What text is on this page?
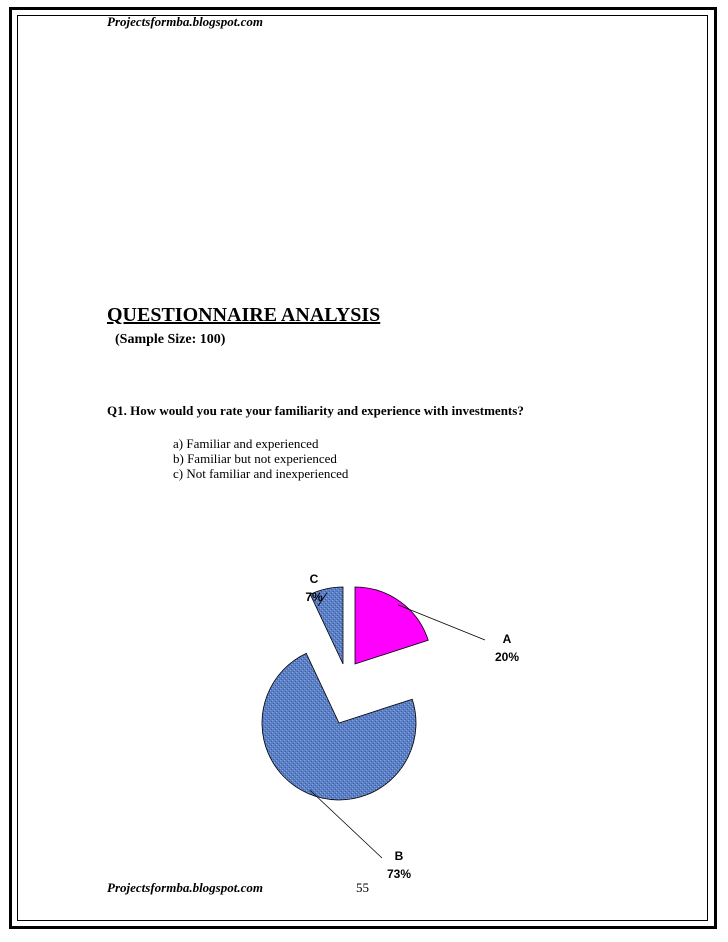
Projectsformba.blogspot.com
QUESTIONNAIRE ANALYSIS
(Sample Size: 100)
Q1. How would you rate your familiarity and experience with investments?
a) Familiar and experienced
b) Familiar but not experienced
c) Not familiar and inexperienced
A
20%
B
73%
C
7%
Projectsformba.blogspot.com	55
